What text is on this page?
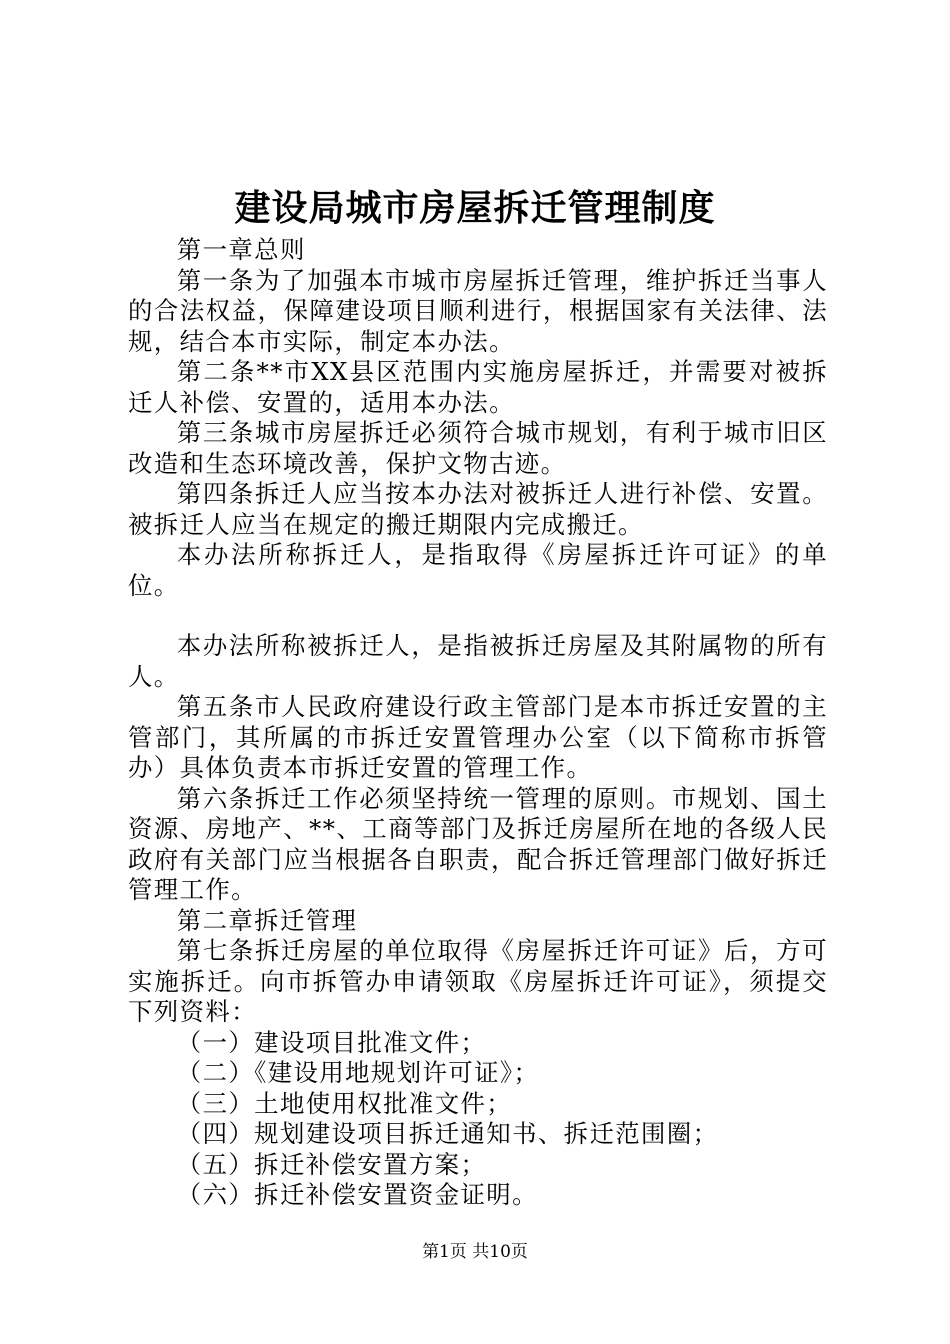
建设局城市房屋拆迁管理制度

第一章总则

第一条为了加强本市城市房屋拆迁管理，维护拆迁当事人的合法权益，保障建设项目顺利进行，根据国家有关法律、法规，结合本市实际，制定本办法。

第二条**市XX县区范围内实施房屋拆迁，并需要对被拆迁人补偿、安置的，适用本办法。

第三条城市房屋拆迁必须符合城市规划，有利于城市旧区改造和生态环境改善，保护文物古迹。

第四条拆迁人应当按本办法对被拆迁人进行补偿、安置。被拆迁人应当在规定的搬迁期限内完成搬迁。

本办法所称拆迁人，是指取得《房屋拆迁许可证》的单位。

本办法所称被拆迁人，是指被拆迁房屋及其附属物的所有人。

第五条市人民政府建设行政主管部门是本市拆迁安置的主管部门，其所属的市拆迁安置管理办公室（以下简称市拆管办）具体负责本市拆迁安置的管理工作。

第六条拆迁工作必须坚持统一管理的原则。市规划、国土资源、房地产、**、工商等部门及拆迁房屋所在地的各级人民政府有关部门应当根据各自职责，配合拆迁管理部门做好拆迁管理工作。

第二章拆迁管理

第七条拆迁房屋的单位取得《房屋拆迁许可证》后，方可实施拆迁。向市拆管办申请领取《房屋拆迁许可证》，须提交下列资料：

（一）建设项目批准文件；

（二）《建设用地规划许可证》；

（三）土地使用权批准文件；

（四）规划建设项目拆迁通知书、拆迁范围圈；

（五）拆迁补偿安置方案；

（六）拆迁补偿安置资金证明。

第1页 共10页
